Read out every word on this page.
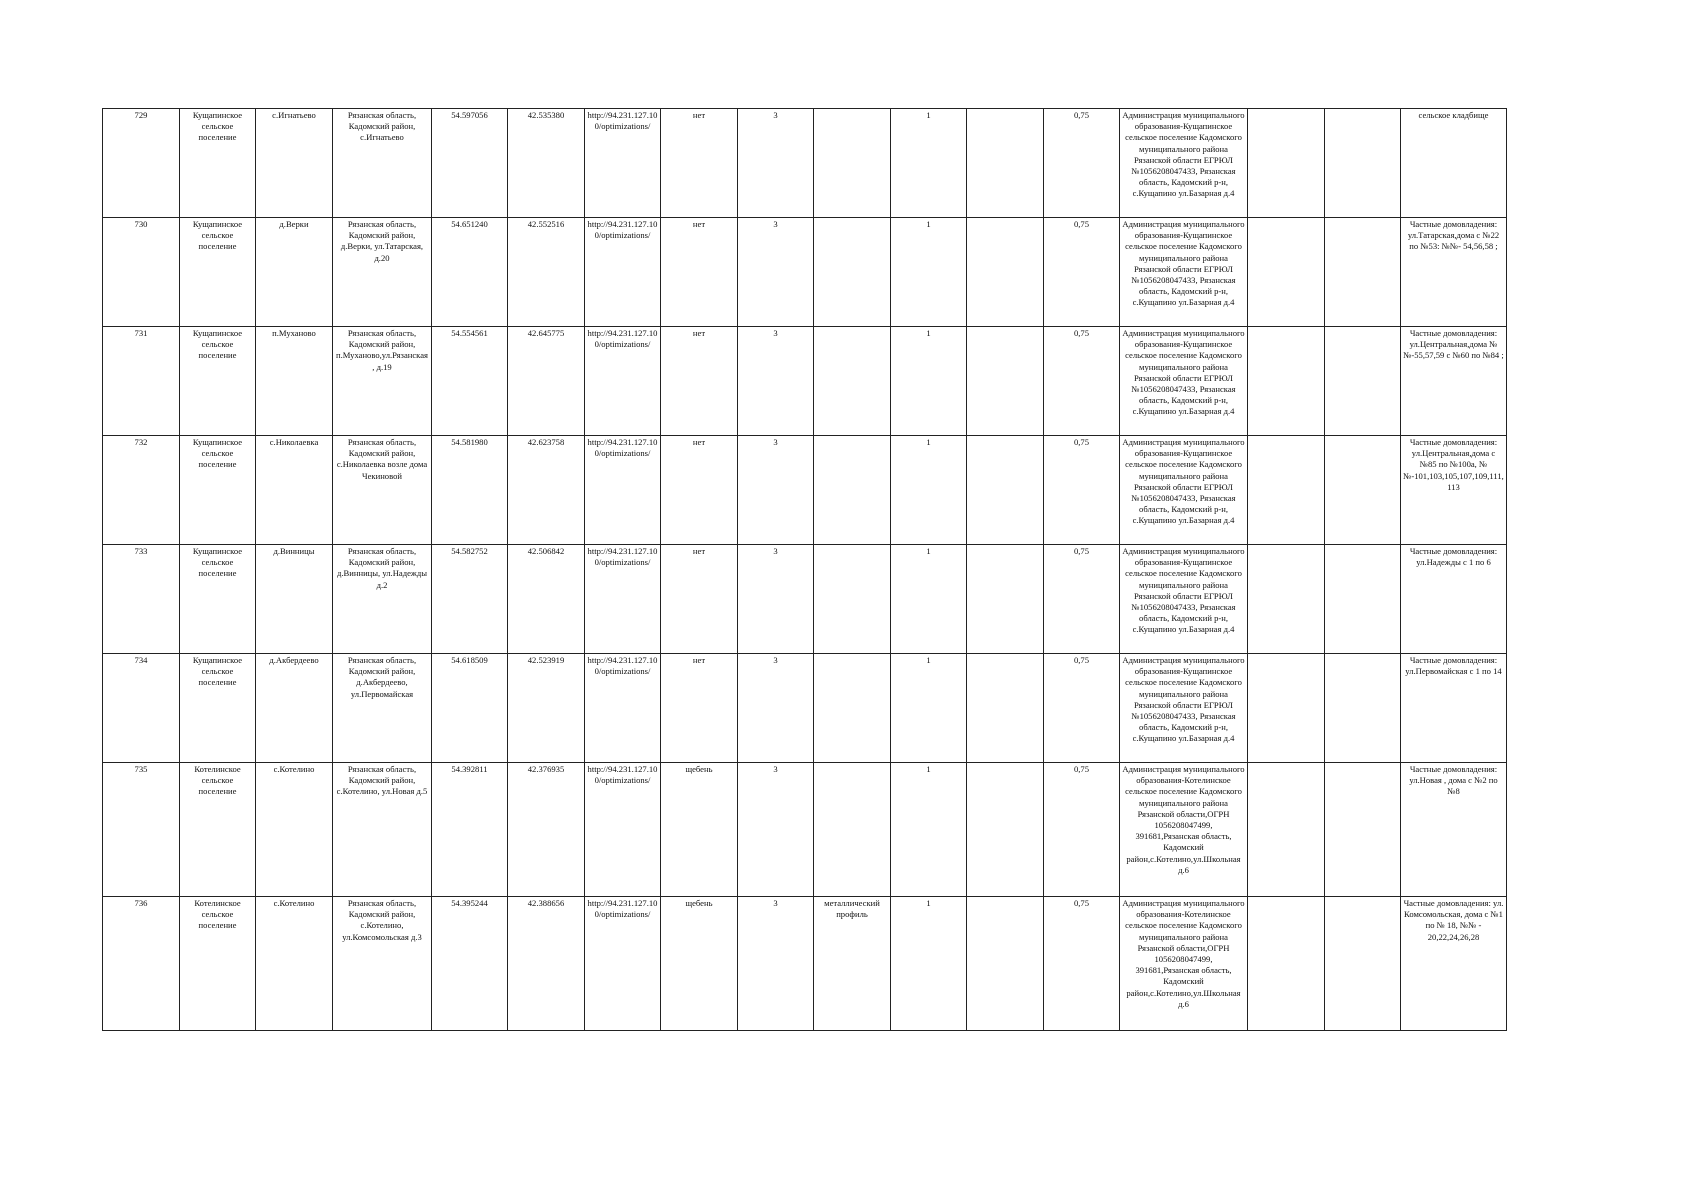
729	Кущапинское сельское поселение	с.Игнатьево	Рязанская область, Кадомский район, с.Игнатьево	54.597056	42.535380	http://94.231.127.100/optimizations/	нет	3		1		0,75	Администрация муниципального образования-Кущапинское сельское поселение Кадомского муниципального района Рязанской области ЕГРЮЛ №1056208047433, Рязанская область, Кадомский р-н, с.Кущапино ул.Базарная д.4			сельское кладбище
730	Кущапинское сельское поселение	д.Верки	Рязанская область, Кадомский район, д.Верки, ул.Татарская, д.20	54.651240	42.552516	http://94.231.127.100/optimizations/	нет	3		1		0,75	Администрация муниципального образования-Кущапинское сельское поселение Кадомского муниципального района Рязанской области ЕГРЮЛ №1056208047433, Рязанская область, Кадомский р-н, с.Кущапино ул.Базарная д.4			Частные домовладения: ул.Татарская,дома с №22 по №53: №№- 54,56,58 ;
731	Кущапинское сельское поселение	п.Муханово	Рязанская область, Кадомский район, п.Муханово,ул.Рязанская, д.19	54.554561	42.645775	http://94.231.127.100/optimizations/	нет	3		1		0,75	Администрация муниципального образования-Кущапинское сельское поселение Кадомского муниципального района Рязанской области ЕГРЮЛ №1056208047433, Рязанская область, Кадомский р-н, с.Кущапино ул.Базарная д.4			Частные домовладения: ул.Центральная,дома №№-55,57,59 с №60 по №84 ;
732	Кущапинское сельское поселение	с.Николаевка	Рязанская область, Кадомский район, с.Николаевка возле дома Чекиновой	54.581980	42.623758	http://94.231.127.100/optimizations/	нет	3		1		0,75	Администрация муниципального образования-Кущапинское сельское поселение Кадомского муниципального района Рязанской области ЕГРЮЛ №1056208047433, Рязанская область, Кадомский р-н, с.Кущапино ул.Базарная д.4			Частные домовладения: ул.Центральная,дома с №85 по №100а, №№-101,103,105,107,109,111,113
733	Кущапинское сельское поселение	д.Винницы	Рязанская область, Кадомский район, д.Винницы, ул.Надежды д.2	54.582752	42.506842	http://94.231.127.100/optimizations/	нет	3		1		0,75	Администрация муниципального образования-Кущапинское сельское поселение Кадомского муниципального района Рязанской области ЕГРЮЛ №1056208047433, Рязанская область, Кадомский р-н, с.Кущапино ул.Базарная д.4			Частные домовладения: ул.Надежды с 1 по 6
734	Кущапинское сельское поселение	д.Акбердеево	Рязанская область, Кадомский район, д.Акбердеево, ул.Первомайская	54.618509	42.523919	http://94.231.127.100/optimizations/	нет	3		1		0,75	Администрация муниципального образования-Кущапинское сельское поселение Кадомского муниципального района Рязанской области ЕГРЮЛ №1056208047433, Рязанская область, Кадомский р-н, с.Кущапино ул.Базарная д.4			Частные домовладения: ул.Первомайская с 1 по 14
735	Котелинское сельское поселение	с.Котелино	Рязанская область, Кадомский район, с.Котелино, ул.Новая д.5	54.392811	42.376935	http://94.231.127.100/optimizations/	щебень	3		1		0,75	Администрация муниципального образования-Котелинское сельское поселение Кадомского муниципального района Рязанской области,ОГРН 1056208047499, 391681,Рязанская область, Кадомский район,с.Котелино,ул.Школьная д.6			Частные домовладения: ул.Новая , дома с №2 по №8
736	Котелинское сельское поселение	с.Котелино	Рязанская область, Кадомский район, с.Котелино, ул.Комсомольская д.3	54.395244	42.388656	http://94.231.127.100/optimizations/	щебень	3	металлический профиль	1		0,75	Администрация муниципального образования-Котелинское сельское поселение Кадомского муниципального района Рязанской области,ОГРН 1056208047499, 391681,Рязанская область, Кадомский район,с.Котелино,ул.Школьная д.6			Частные домовладения: ул. Комсомольская, дома с №1 по № 18, №№ - 20,22,24,26,28
